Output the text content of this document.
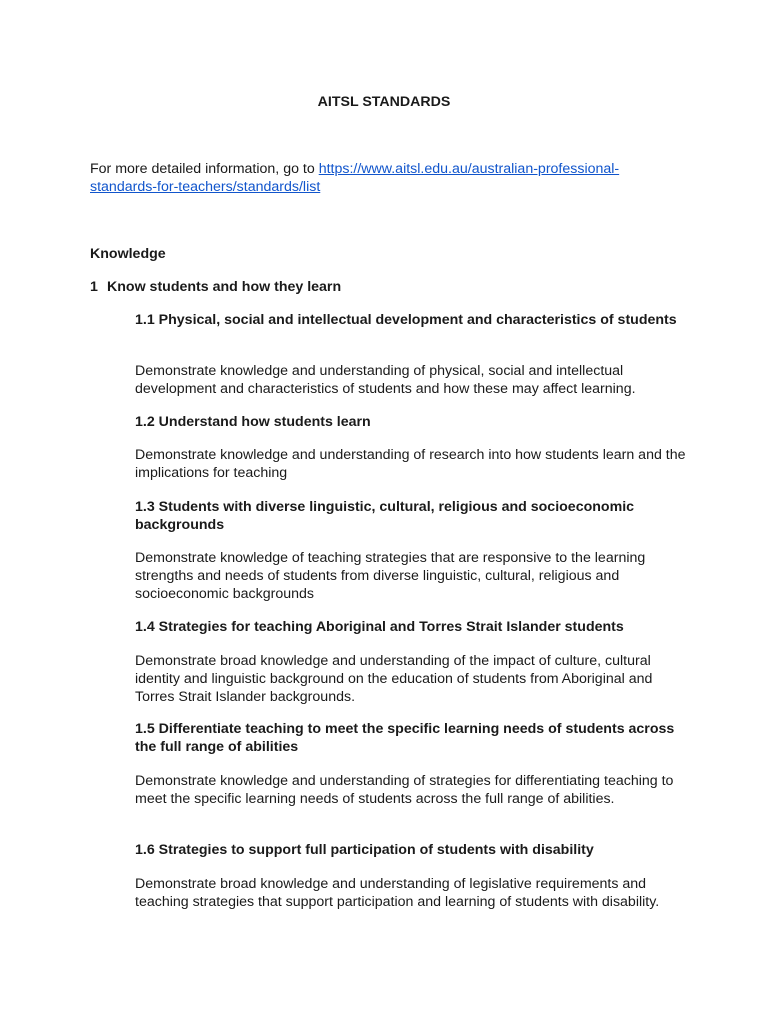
AITSL STANDARDS

For more detailed information, go to https://www.aitsl.edu.au/australian-professional-standards-for-teachers/standards/list

Knowledge

1 Know students and how they learn

1.1 Physical, social and intellectual development and characteristics of students

Demonstrate knowledge and understanding of physical, social and intellectual development and characteristics of students and how these may affect learning.

1.2 Understand how students learn

Demonstrate knowledge and understanding of research into how students learn and the implications for teaching

1.3 Students with diverse linguistic, cultural, religious and socioeconomic backgrounds

Demonstrate knowledge of teaching strategies that are responsive to the learning strengths and needs of students from diverse linguistic, cultural, religious and socioeconomic backgrounds

1.4 Strategies for teaching Aboriginal and Torres Strait Islander students

Demonstrate broad knowledge and understanding of the impact of culture, cultural identity and linguistic background on the education of students from Aboriginal and Torres Strait Islander backgrounds.

1.5 Differentiate teaching to meet the specific learning needs of students across the full range of abilities

Demonstrate knowledge and understanding of strategies for differentiating teaching to meet the specific learning needs of students across the full range of abilities.

1.6 Strategies to support full participation of students with disability

Demonstrate broad knowledge and understanding of legislative requirements and teaching strategies that support participation and learning of students with disability.
